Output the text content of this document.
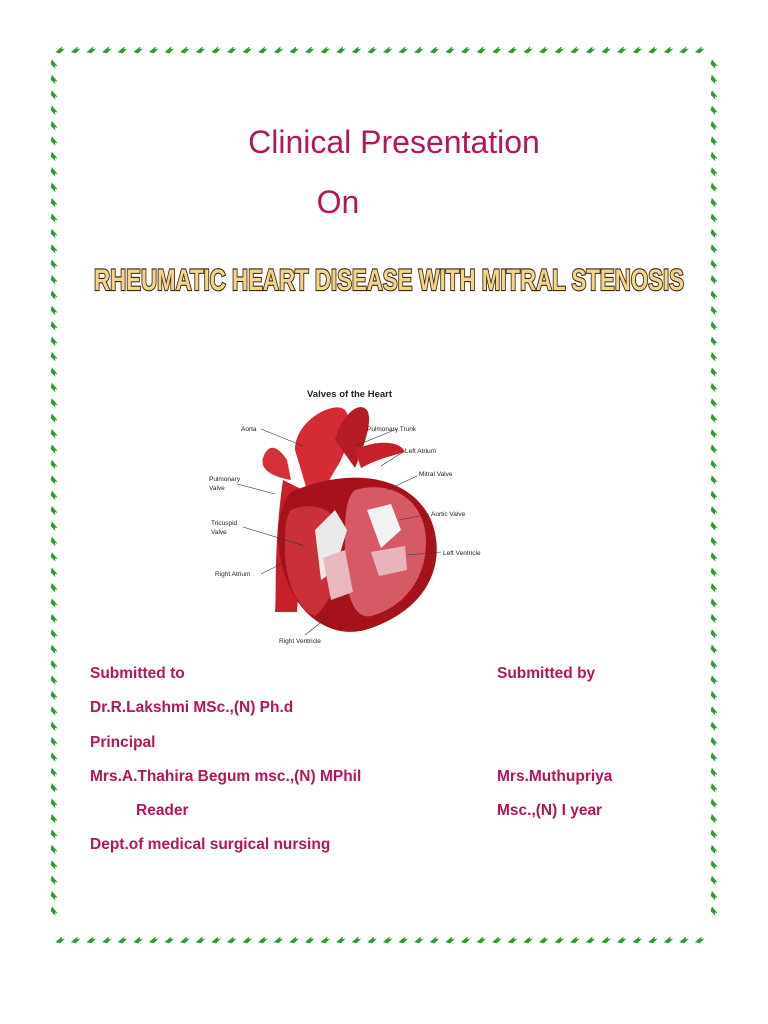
Clinical Presentation
On
RHEUMATIC HEART DISEASE WITH MITRAL STENOSIS
Valves of the Heart
Aorta	Pulmonary Trunk
Left Atrium
Mitral Valve
Pulmonary
Valve
Aortic Valve
Tricuspid
Valve
Left Ventricle
Right Atrium
Right Ventricle
Submitted to	Submitted by
Dr.R.Lakshmi MSc.,(N) Ph.d
Principal
Mrs.A.Thahira Begum msc.,(N) MPhil	Mrs.Muthupriya
Reader	Msc.,(N) I year
Dept.of medical surgical nursing
